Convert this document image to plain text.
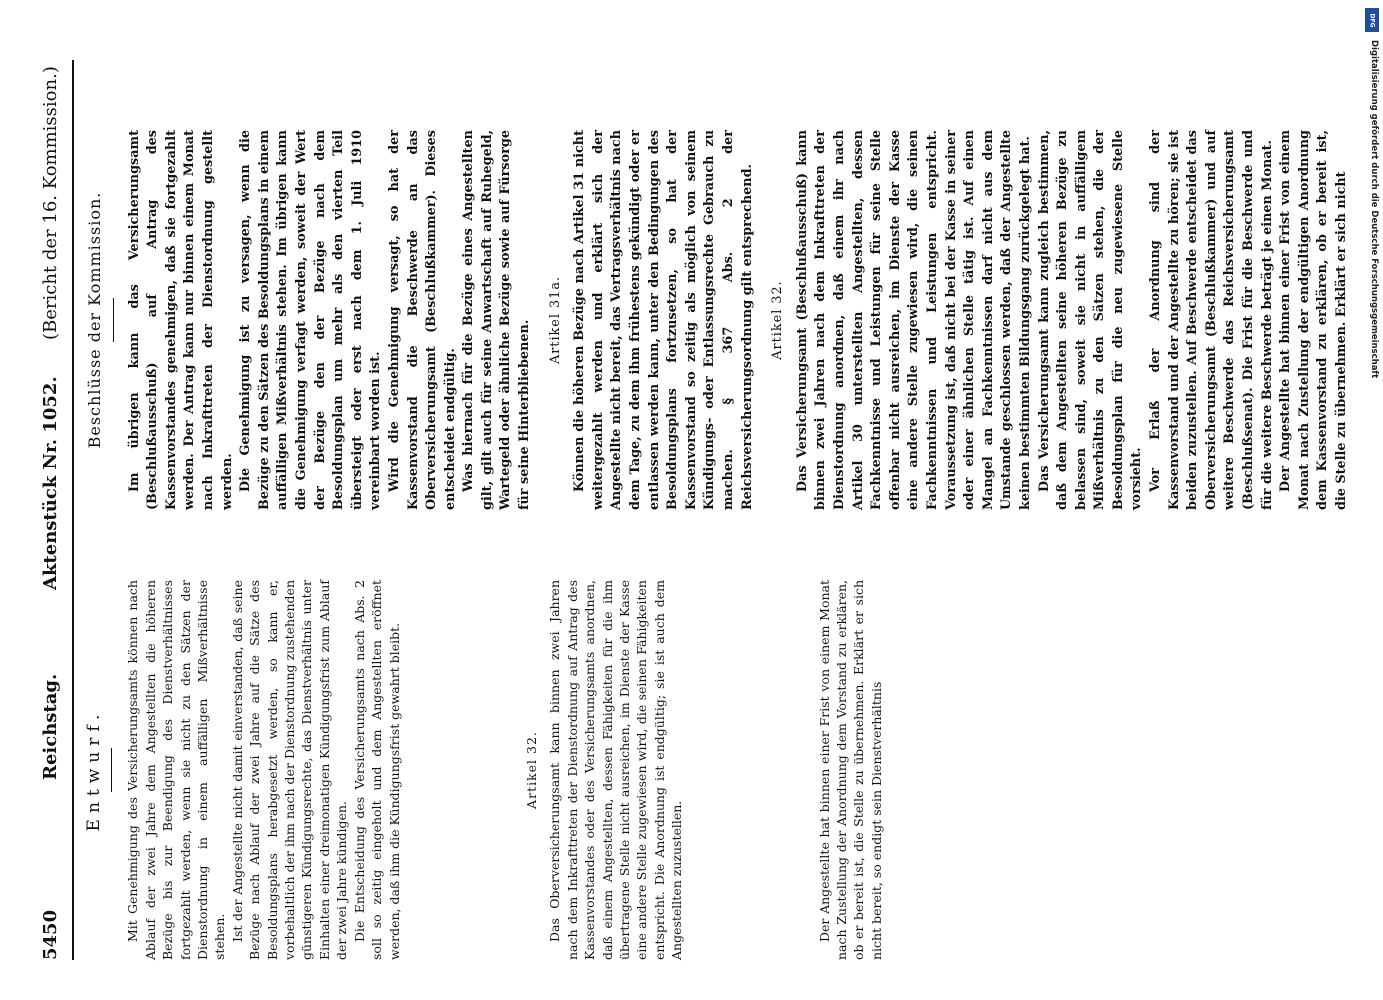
5450
Reichstag.
Aktenstück Nr. 1052.
(Bericht der 16. Kommission.)
Entwurf. Mit Genehmigung des Versicherungsamts können nach Ablauf der zwei Jahre dem Angestellten die höheren Bezüge bis zur Beendigung des Dienstverhältnisses fortgezahlt werden, wenn sie nicht zu den Sätzen der Dienstordnung in einem auffälligen Mißverhältnisse stehen. Ist der Angestellte nicht damit einverstanden, daß seine Bezüge nach Ablauf der zwei Jahre auf die Sätze des Besoldungsplans herabgesetzt werden, so kann er, vorbehaltlich der ihm nach der Dienstordnung zustehenden günstigeren Kündigungsrechte, das Dienstverhältnis unter Einhalten einer dreimonatigen Kündigungsfrist zum Ablauf der zwei Jahre kündigen. Die Entscheidung des Versicherungsamts nach Abs. 2 soll so zeitig eingeholt und dem Angestellten eröffnet werden, daß ihm die Kündigungsfrist gewahrt bleibt.	Artikel 32. Das Oberversicherungsamt kann binnen zwei Jahren nach dem Inkrafttreten der Dienstordnung auf Antrag des Kassenvorstandes oder des Versicherungsamts anordnen, daß einem Angestellten, dessen Fähigkeiten für die ihm übertragene Stelle nicht ausreichen, im Dienste der Kasse eine andere Stelle zugewiesen wird, die seinen Fähigkeiten entspricht. Die Anordnung ist endgültig; sie ist auch dem Angestellten zuzustellen.	Der Angestellte hat binnen einer Frist von einem Monat nach Zustellung der Anordnung dem Vorstand zu erklären, ob er bereit ist, die Stelle zu übernehmen. Erklärt er sich nicht bereit, so endigt sein Dienstverhältnis

Beschlüsse der Kommission. Im übrigen kann das Versicherungsamt (Beschlußausschuß) auf Antrag des Kassenvorstandes genehmigen, daß sie fortgezahlt werden. Der Antrag kann nur binnen einem Monat nach Inkrafttreten der Dienstordnung gestellt werden. Die Genehmigung ist zu versagen, wenn die Bezüge zu den Sätzen des Besoldungsplans in einem auffälligen Mißverhältnis stehen. Im übrigen kann die Genehmigung verfagt werden, soweit der Wert der Bezüge den der Bezüge nach dem Besoldungsplan um mehr als den vierten Teil übersteigt oder erst nach dem 1. Juli 1910 vereinbart worden ist. Wird die Genehmigung versagt, so hat der Kassenvorstand die Beschwerde an das Oberversicherungsamt (Beschlußkammer). Dieses entscheidet endgültig. Was hiernach für die Bezüge eines Angestellten gilt, gilt auch für seine Anwartschaft auf Ruhegeld, Wartegeld oder ähnliche Bezüge sowie auf Fürsorge für seine Hinterbliebenen. Artikel 31a. Können die höheren Bezüge nach Artikel 31 nicht weitergezahlt werden und erklärt sich der Angestellte nicht bereit, das Vertragsverhältnis nach dem Tage, zu dem ihm frühestens gekündigt oder er entlassen werden kann, unter den Bedingungen des Besoldungsplans fortzusetzen, so hat der Kassenvorstand so zeitig als möglich von seinem Kündigungs- oder Entlassungsrechte Gebrauch zu machen. § 367 Abs. 2 der Reichsversicherungsordnung gilt entsprechend. Artikel 32. Das Versicherungsamt (Beschlußausschuß) kann binnen zwei Jahren nach dem Inkrafttreten der Dienstordnung anordnen, daß einem ihr nach Artikel 30 unterstellten Angestellten, dessen Fachkenntnisse und Leistungen für seine Stelle offenbar nicht ausreichen, im Dienste der Kasse eine andere Stelle zugewiesen wird, die seinen Fachkenntnissen und Leistungen entspricht. Voraussetzung ist, daß nicht bei der Kasse in seiner oder einer ähnlichen Stelle tätig ist. Auf einen Mangel an Fachkenntnissen darf nicht aus dem Umstande geschlossen werden, daß der Angestellte keinen bestimmten Bildungsgang zurückgelegt hat. Das Versicherungsamt kann zugleich bestimmen, daß dem Angestellten seine höheren Bezüge zu belassen sind, soweit sie nicht in auffälligem Mißverhältnis zu den Sätzen stehen, die der Besoldungsplan für die neu zugewiesene Stelle vorsieht. Vor Erlaß der Anordnung sind der Kassenvorstand und der Angestellte zu hören; sie ist beiden zuzustellen. Auf Beschwerde entscheidet das Oberversicherungsamt (Beschlußkammer) und auf weitere Beschwerde das Reichsversicherungsamt (Beschlußsenat). Die Frist für die Beschwerde und für die weitere Beschwerde beträgt je einen Monat. Der Angestellte hat binnen einer Frist von einem Monat nach Zustellung der endgültigen Anordnung dem Kassenvorstand zu erklären, ob er bereit ist, die Stelle zu übernehmen. Erklärt er sich nicht

DFG
Digitalisierung gefördert durch die Deutsche Forschungsgemeinschaft
